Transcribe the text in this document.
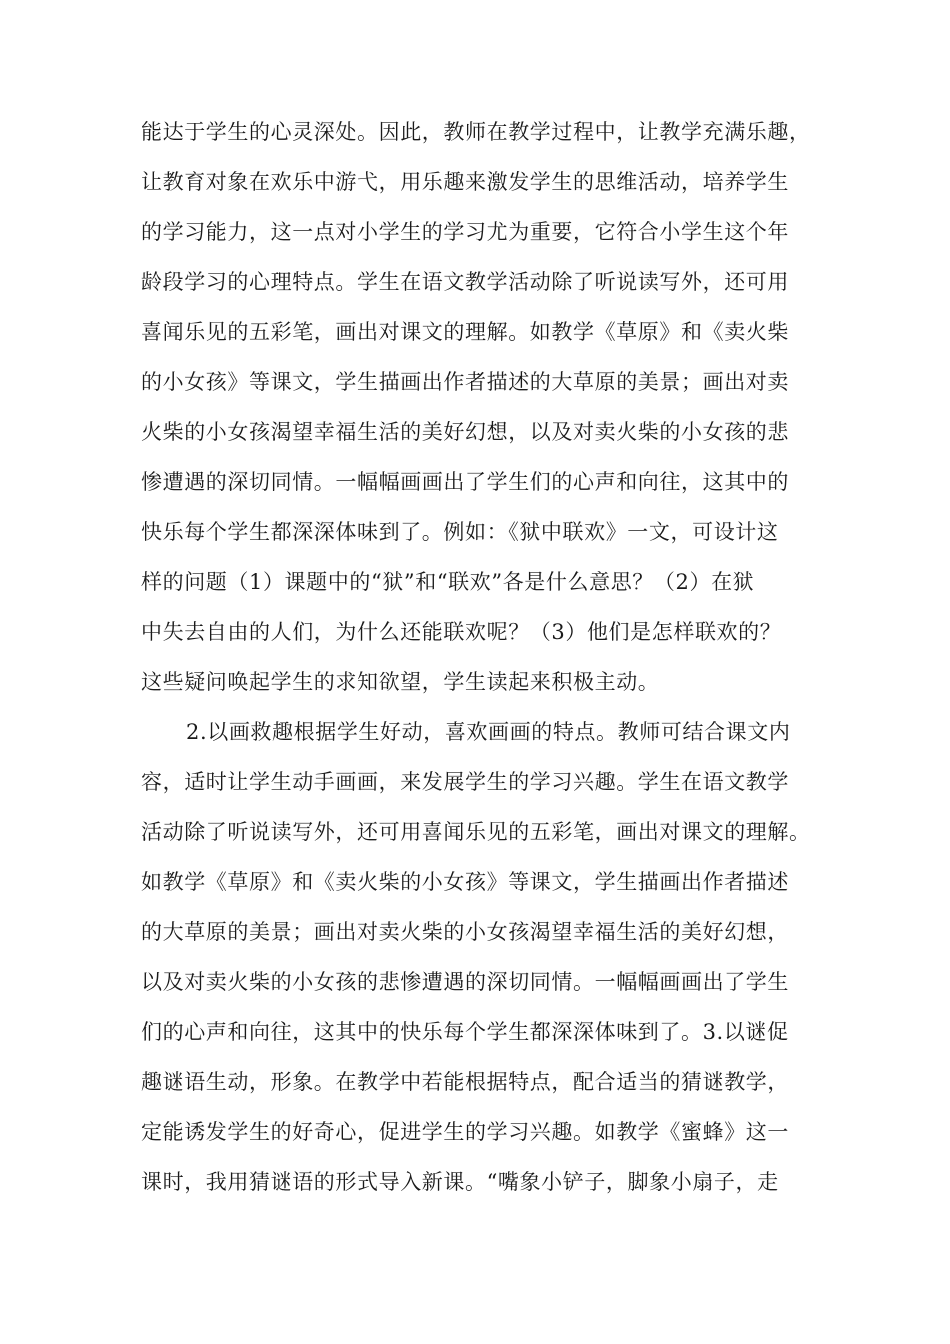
能达于学生的心灵深处。因此，教师在教学过程中，让教学充满乐趣，
让教育对象在欢乐中游弋，用乐趣来激发学生的思维活动，培养学生
的学习能力，这一点对小学生的学习尤为重要，它符合小学生这个年
龄段学习的心理特点。学生在语文教学活动除了听说读写外，还可用
喜闻乐见的五彩笔，画出对课文的理解。如教学《草原》和《卖火柴
的小女孩》等课文，学生描画出作者描述的大草原的美景；画出对卖
火柴的小女孩渴望幸福生活的美好幻想，以及对卖火柴的小女孩的悲
惨遭遇的深切同情。一幅幅画画出了学生们的心声和向往，这其中的
快乐每个学生都深深体味到了。例如：《狱中联欢》一文，可设计这
样的问题（1）课题中的“狱”和“联欢”各是什么意思？（2）在狱
中失去自由的人们，为什么还能联欢呢？（3）他们是怎样联欢的？
这些疑问唤起学生的求知欲望，学生读起来积极主动。
2.以画救趣根据学生好动，喜欢画画的特点。教师可结合课文内
容，适时让学生动手画画，来发展学生的学习兴趣。学生在语文教学
活动除了听说读写外，还可用喜闻乐见的五彩笔，画出对课文的理解。
如教学《草原》和《卖火柴的小女孩》等课文，学生描画出作者描述
的大草原的美景；画出对卖火柴的小女孩渴望幸福生活的美好幻想，
以及对卖火柴的小女孩的悲惨遭遇的深切同情。一幅幅画画出了学生
们的心声和向往，这其中的快乐每个学生都深深体味到了。3.以谜促
趣谜语生动，形象。在教学中若能根据特点，配合适当的猜谜教学，
定能诱发学生的好奇心，促进学生的学习兴趣。如教学《蜜蜂》这一
课时，我用猜谜语的形式导入新课。“嘴象小铲子，脚象小扇子，走
